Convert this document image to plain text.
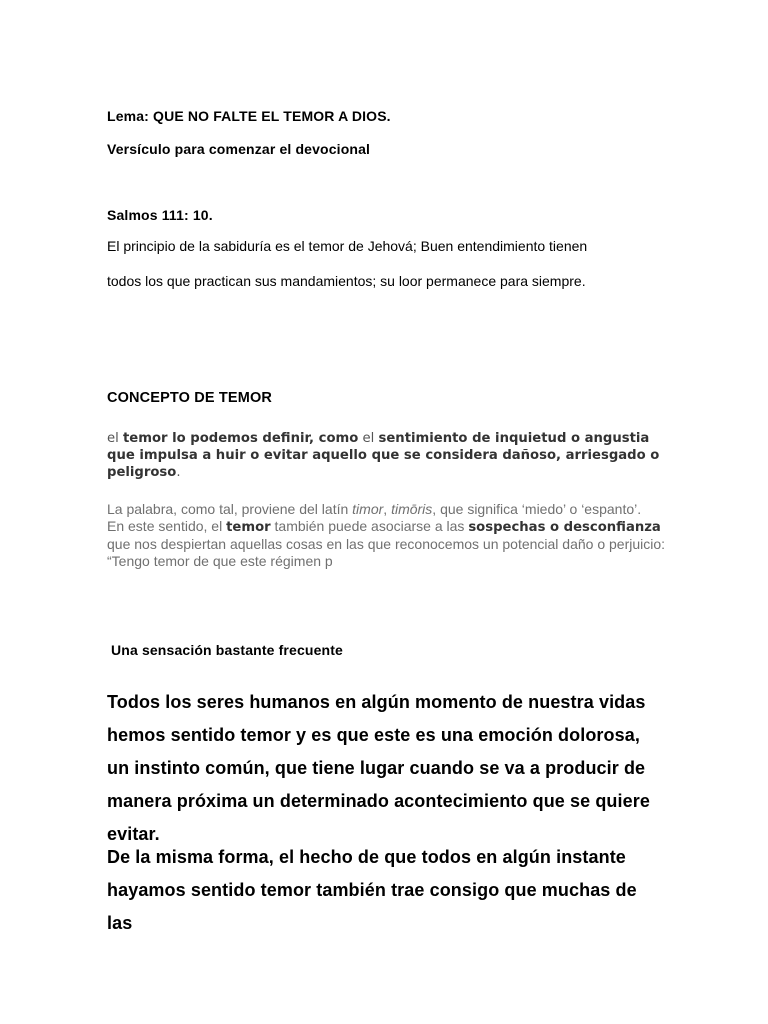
Lema: QUE NO FALTE EL TEMOR A DIOS.
Versículo para comenzar el devocional
Salmos 111: 10.
El principio de la sabiduría es el temor de Jehová; Buen entendimiento tienen
todos los que practican sus mandamientos; su loor permanece para siempre.
CONCEPTO DE TEMOR
el temor lo podemos definir, como el sentimiento de inquietud o angustia que impulsa a huir o evitar aquello que se considera dañoso, arriesgado o peligroso.
La palabra, como tal, proviene del latín timor, timōris, que significa ‘miedo’ o ‘espanto’.
En este sentido, el temor también puede asociarse a las sospechas o desconfianza que nos despiertan aquellas cosas en las que reconocemos un potencial daño o perjuicio: “Tengo temor de que este régimen p
Una sensación bastante frecuente
Todos los seres humanos en algún momento de nuestra vidas hemos sentido temor y es que este es una emoción dolorosa, un instinto común, que tiene lugar cuando se va a producir de manera próxima un determinado acontecimiento que se quiere evitar.
De la misma forma, el hecho de que todos en algún instante hayamos sentido temor también trae consigo que muchas de las
